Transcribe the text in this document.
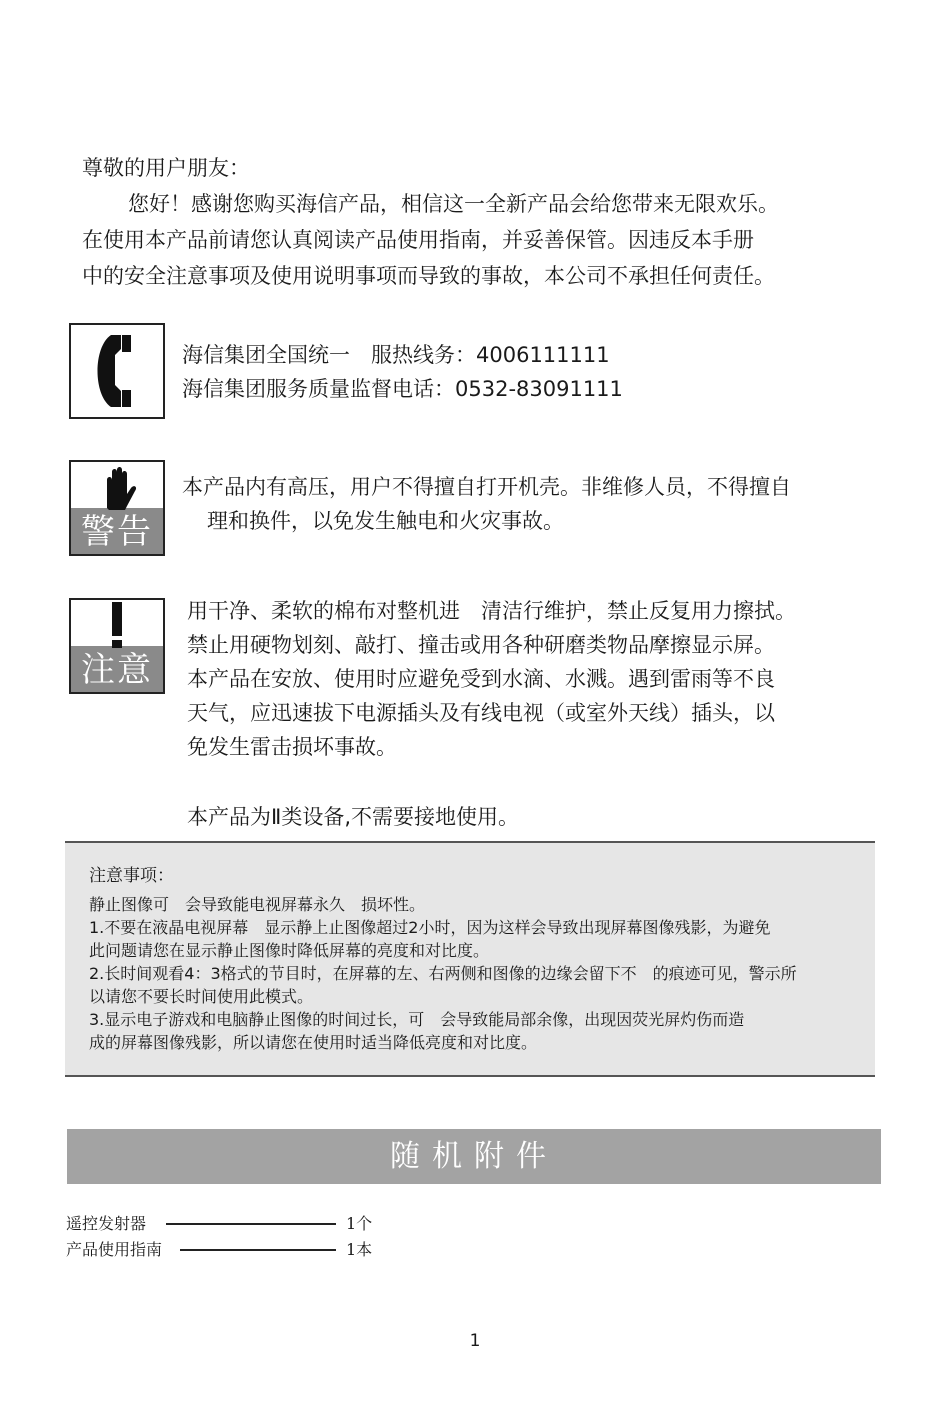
尊敬的用户朋友：

您好！感谢您购买海信产品，相信这一全新产品会给您带来无限欢乐。

在使用本产品前请您认真阅读产品使用指南，并妥善保管。因违反本手册

中的安全注意事项及使用说明事项而导致的事故，本公司不承担任何责任。

海信集团全国统一　服热线务：4006111111

海信集团服务质量监督电话：0532-83091111

警告

本产品内有高压，用户不得擅自打开机壳。非维修人员，不得擅自

理和换件，以免发生触电和火灾事故。

注意

用干净、柔软的棉布对整机进　清洁行维护，禁止反复用力擦拭。

禁止用硬物划刻、敲打、撞击或用各种研磨类物品摩擦显示屏。

本产品在安放、使用时应避免受到水滴、水溅。遇到雷雨等不良

天气，应迅速拔下电源插头及有线电视（或室外天线）插头，以

免发生雷击损坏事故。

本产品为Ⅱ类设备,不需要接地使用。

注意事项：

静止图像可　会导致能电视屏幕永久　损坏性。

1.不要在液晶电视屏幕　显示静上止图像超过2小时，因为这样会导致出现屏幕图像残影，为避免

此问题请您在显示静止图像时降低屏幕的亮度和对比度。

2.长时间观看4：3格式的节目时，在屏幕的左、右两侧和图像的边缘会留下不　的痕迹可见，警示所

以请您不要长时间使用此模式。

3.显示电子游戏和电脑静止图像的时间过长，可　会导致能局部余像，出现因荧光屏灼伤而造

成的屏幕图像残影，所以请您在使用时适当降低亮度和对比度。

随机附件
遥控发射器	1个
产品使用指南	1本
1
